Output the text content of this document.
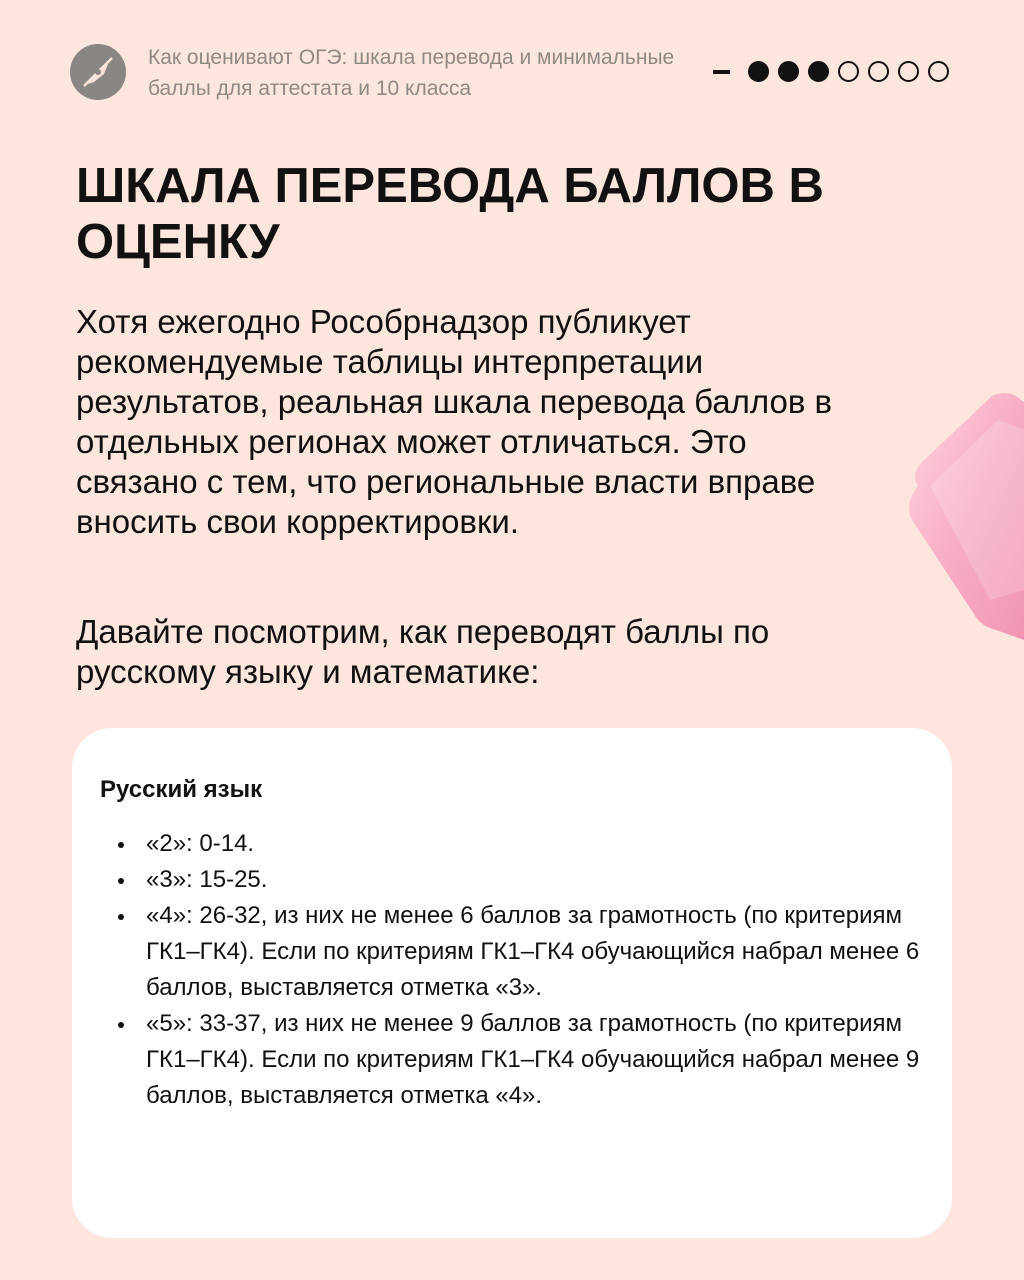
Как оценивают ОГЭ: шкала перевода и минимальные баллы для аттестата и 10 класса

ШКАЛА ПЕРЕВОДА БАЛЛОВ В ОЦЕНКУ

Хотя ежегодно Рособрнадзор публикует рекомендуемые таблицы интерпретации результатов, реальная шкала перевода баллов в отдельных регионах может отличаться. Это связано с тем, что региональные власти вправе вносить свои корректировки.

Давайте посмотрим, как переводят баллы по русскому языку и математике:

Русский язык

«2»: 0-14.
«3»: 15-25.
«4»: 26-32, из них не менее 6 баллов за грамотность (по критериям ГК1–ГК4). Если по критериям ГК1–ГК4 обучающийся набрал менее 6 баллов, выставляется отметка «3».
«5»: 33-37, из них не менее 9 баллов за грамотность (по критериям ГК1–ГК4). Если по критериям ГК1–ГК4 обучающийся набрал менее 9 баллов, выставляется отметка «4».
